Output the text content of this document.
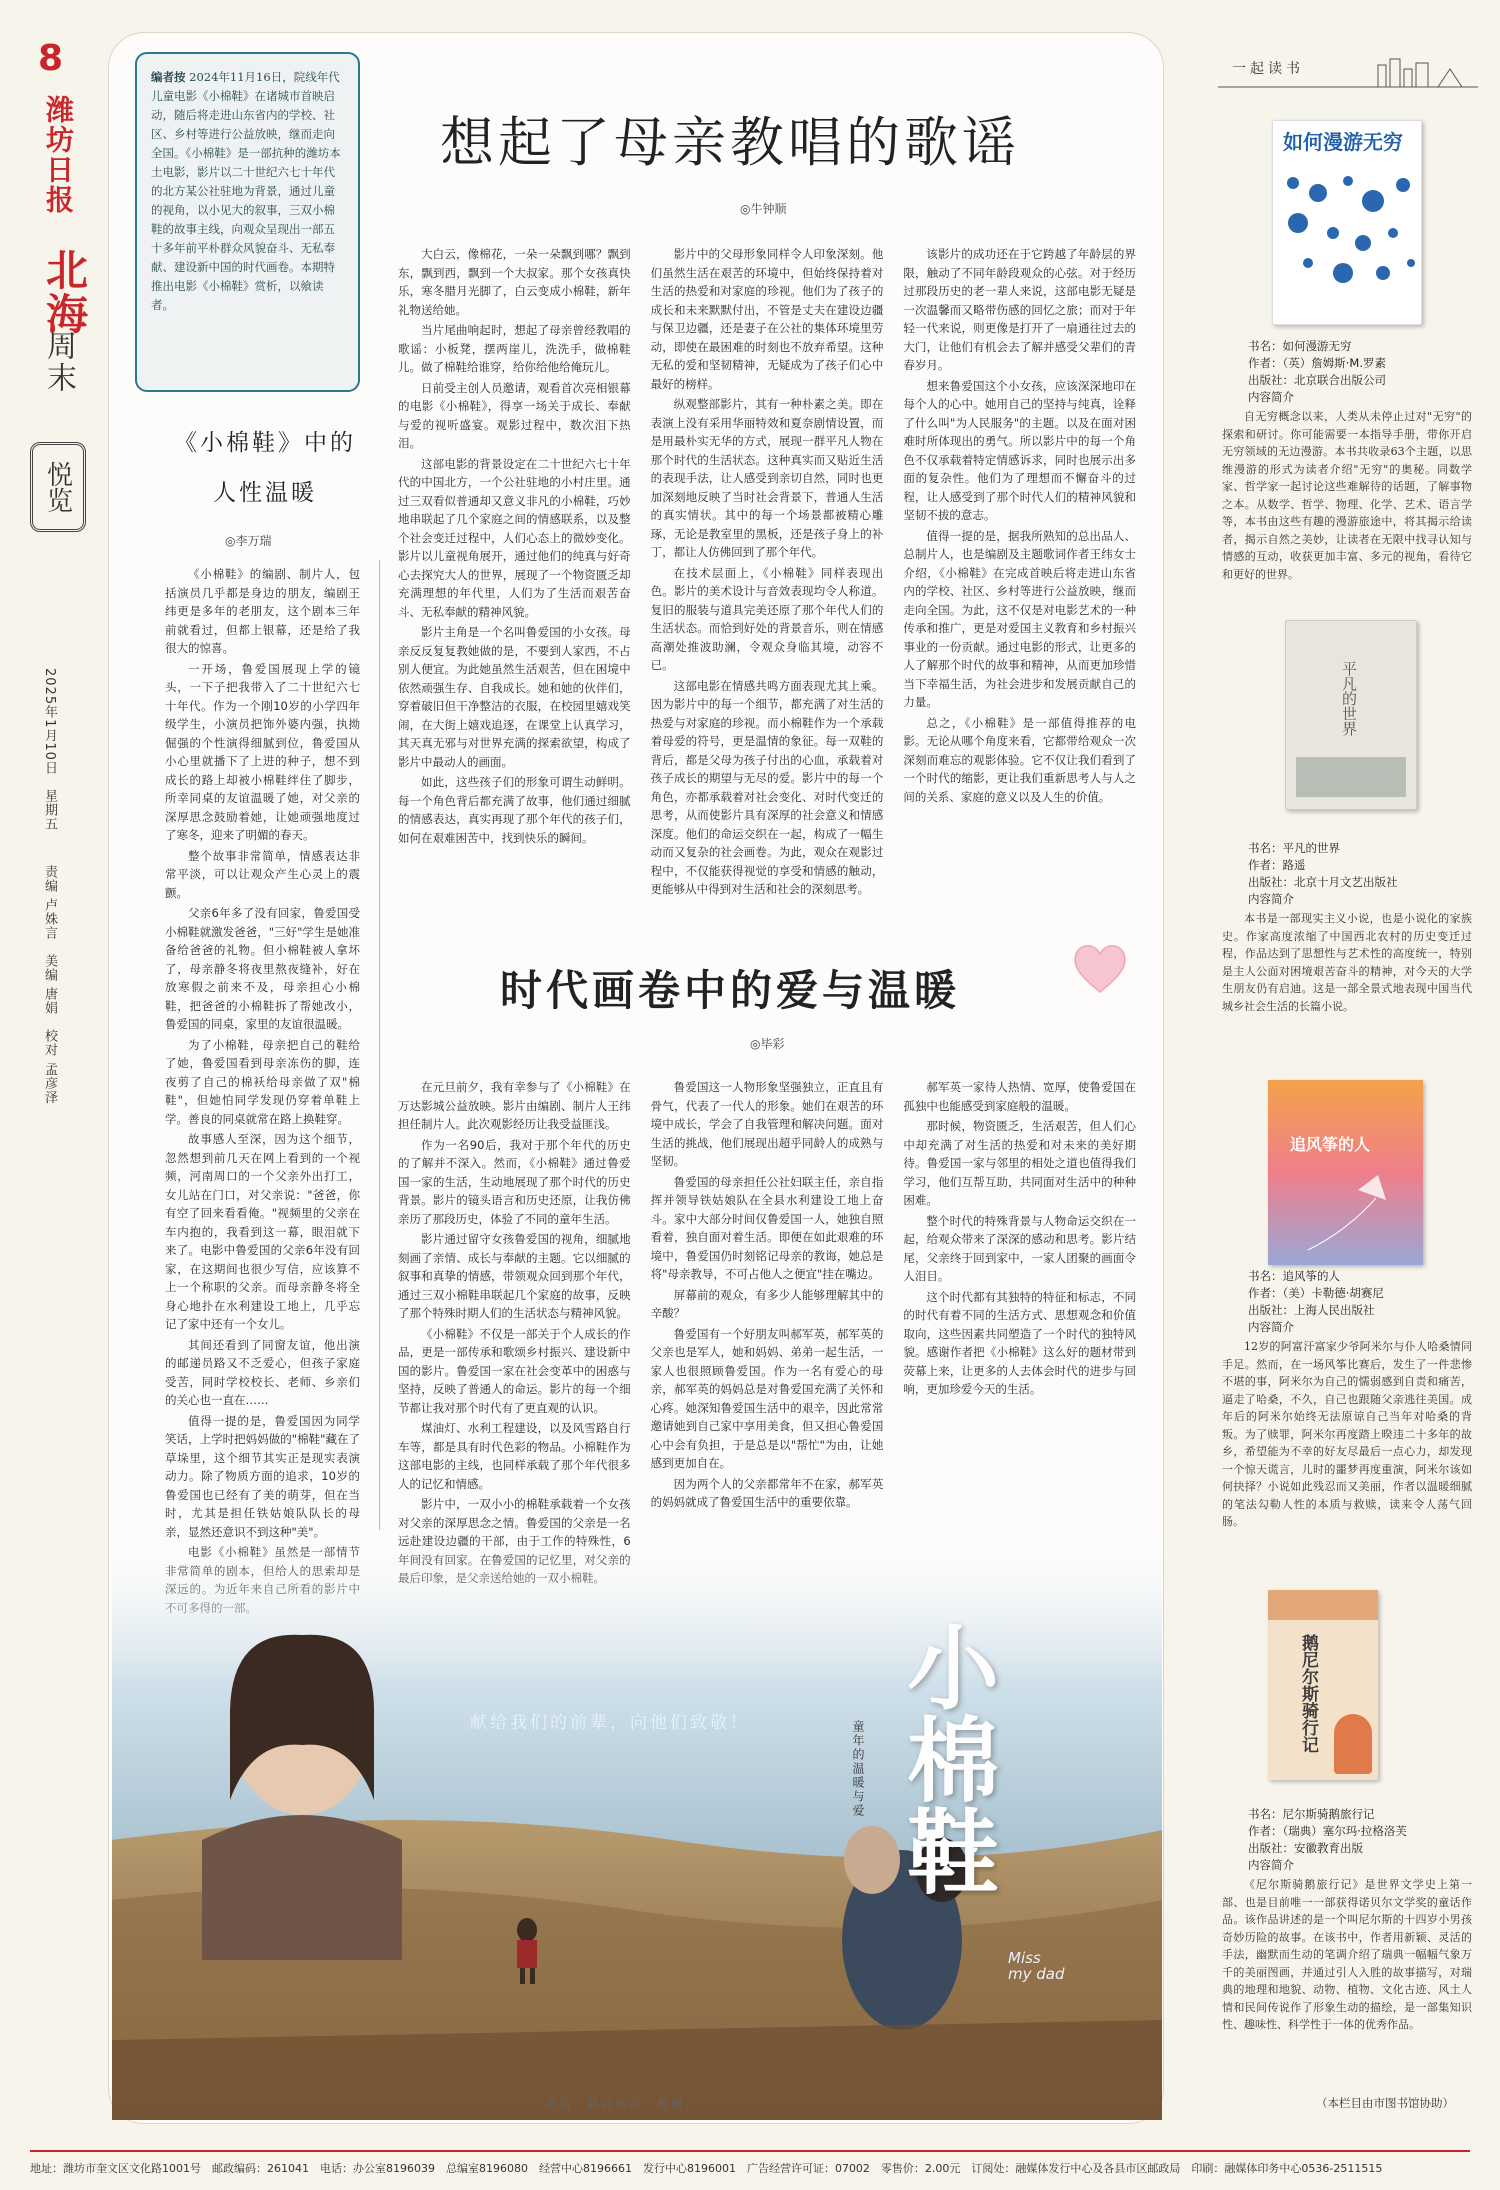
8
潍坊日报
北海
周末
悦览
2025年1月10日　星期五
责编 卢姝言　美编 唐娟　校对 孟彦泽
编者按 2024年11月16日，院线年代儿童电影《小棉鞋》在诸城市首映启动，随后将走进山东省内的学校、社区、乡村等进行公益放映，继而走向全国。《小棉鞋》是一部抗种的潍坊本土电影，影片以二十世纪六七十年代的北方某公社驻地为背景，通过儿童的视角，以小见大的叙事，三双小棉鞋的故事主线，向观众呈现出一部五十多年前平朴群众风貌奋斗、无私奉献、建设新中国的时代画卷。本期特推出电影《小棉鞋》赏析，以飨读者。
想起了母亲教唱的歌谣
◎牛钟顺
《小棉鞋》中的
人性温暖
◎李万瑞

《小棉鞋》的编剧、制片人，包括演员几乎都是身边的朋友，编剧王纬更是多年的老朋友，这个剧本三年前就看过，但都上银幕，还是给了我很大的惊喜。

一开场，鲁爱国展现上学的镜头，一下子把我带入了二十世纪六七十年代。作为一个刚10岁的小学四年级学生，小演员把饰外婆内强，执拗倔强的个性演得细腻到位，鲁爱国从小心里就播下了上进的种子，想不到成长的路上却被小棉鞋绊住了脚步，所幸同桌的友谊温暖了她，对父亲的深厚思念鼓励着她，让她顽强地度过了寒冬，迎来了明媚的春天。

整个故事非常简单，情感表达非常平淡，可以让观众产生心灵上的震颤。

父亲6年多了没有回家，鲁爱国受小棉鞋就激发爸爸，"三好"学生是她准备给爸爸的礼物。但小棉鞋被人拿坏了，母亲静冬将夜里熬夜缝补，好在放寒假之前来不及，母亲担心小棉鞋，把爸爸的小棉鞋拆了帮她改小，鲁爱国的同桌，家里的友谊很温暖。

为了小棉鞋，母亲把自己的鞋给了她，鲁爱国看到母亲冻伤的脚，连夜剪了自己的棉袄给母亲做了双"棉鞋"，但她怕同学发现仍穿着单鞋上学。善良的同桌就常在路上换鞋穿。

故事感人至深，因为这个细节，忽然想到前几天在网上看到的一个视频，河南周口的一个父亲外出打工，女儿站在门口，对父亲说："爸爸，你有空了回来看看俺。"视频里的父亲在车内抱的，我看到这一幕，眼泪就下来了。电影中鲁爱国的父亲6年没有回家，在这期间也很少写信，应该算不上一个称职的父亲。而母亲静冬将全身心地扑在水利建设工地上，几乎忘记了家中还有一个女儿。

其间还看到了同窗友谊，他出演的邮递员路又不乏爱心，但孩子家庭受苦，同时学校校长、老师、乡亲们的关心也一直在……

值得一提的是，鲁爱国因为同学笑话，上学时把妈妈做的"棉鞋"藏在了草垛里，这个细节其实正是现实表演动力。除了物质方面的追求，10岁的鲁爱国也已经有了美的萌芽，但在当时，尤其是担任铁姑娘队队长的母亲，显然还意识不到这种"美"。

大白云，像棉花，一朵一朵飘到哪？飘到东，飘到西，飘到一个大叔家。那个女孩真快乐，寒冬腊月光脚了，白云变成小棉鞋，新年礼物送给她。

当片尾曲响起时，想起了母亲曾经教唱的歌谣：小板凳，摆两崖儿，洗洗手，做棉鞋儿。做了棉鞋给谁穿，给你给他给俺玩儿。

日前受主创人员邀请，观看首次亮相银幕的电影《小棉鞋》，得享一场关于成长、奉献与爱的视听盛宴。观影过程中，数次泪下热泪。

这部电影的背景设定在二十世纪六七十年代的中国北方，一个公社驻地的小村庄里。通过三双看似普通却又意义非凡的小棉鞋，巧妙地串联起了几个家庭之间的情感联系，以及整个社会变迁过程中，人们心态上的微妙变化。影片以儿童视角展开，通过他们的纯真与好奇心去探究大人的世界，展现了一个物资匮乏却充满理想的年代里，人们为了生活而艰苦奋斗、无私奉献的精神风貌。

影片主角是一个名叫鲁爱国的小女孩。母亲反反复复教她做的是，不要到人家西，不占别人便宜。为此她虽然生活艰苦，但在困境中依然顽强生存、自我成长。她和她的伙伴们，穿着破旧但干净整洁的衣服，在校园里嬉戏笑闹，在大街上嬉戏追逐，在课堂上认真学习，其天真无邪与对世界充满的探索欲望，构成了影片中最动人的画面。

如此，这些孩子们的形象可谓生动鲜明。每一个角色背后都充满了故事，他们通过细腻的情感表达，真实再现了那个年代的孩子们，如何在艰难困苦中，找到快乐的瞬间。

影片中的父母形象同样令人印象深刻。他们虽然生活在艰苦的环境中，但始终保持着对生活的热爱和对家庭的珍视。他们为了孩子的成长和未来默默付出，不管是丈夫在建设边疆与保卫边疆，还是妻子在公社的集体环境里劳动，即使在最困难的时刻也不放弃希望。这种无私的爱和坚韧精神，无疑成为了孩子们心中最好的榜样。

纵观整部影片，其有一种朴素之美。即在表演上没有采用华丽特效和夏奈剧情设置，而是用最朴实无华的方式，展现一群平凡人物在那个时代的生活状态。这种真实而又贴近生活的表现手法，让人感受到亲切自然，同时也更加深刻地反映了当时社会背景下，普通人生活的真实情状。其中的每一个场景都被精心雕琢，无论是教室里的黑板，还是孩子身上的补丁，都让人仿佛回到了那个年代。

在技术层面上，《小棉鞋》同样表现出色。影片的美术设计与音效表现均令人称道。复旧的服装与道具完美还原了那个年代人们的生活状态。而恰到好处的背景音乐，则在情感高潮处推波助澜，令观众身临其境，动容不已。

这部电影在情感共鸣方面表现尤其上乘。因为影片中的每一个细节，都充满了对生活的热爱与对家庭的珍视。而小棉鞋作为一个承载着母爱的符号，更是温情的象征。每一双鞋的背后，都是父母为孩子付出的心血，承载着对孩子成长的期望与无尽的爱。影片中的每一个角色，亦都承载着对社会变化、对时代变迁的思考，从而使影片具有深厚的社会意义和情感深度。他们的命运交织在一起，构成了一幅生动而又复杂的社会画卷。为此，观众在观影过程中，不仅能获得视觉的享受和情感的触动，更能够从中得到对生活和社会的深刻思考。

该影片的成功还在于它跨越了年龄层的界限，触动了不同年龄段观众的心弦。对于经历过那段历史的老一辈人来说，这部电影无疑是一次温馨而又略带伤感的回忆之旅；而对于年轻一代来说，则更像是打开了一扇通往过去的大门，让他们有机会去了解并感受父辈们的青春岁月。

想来鲁爱国这个小女孩，应该深深地印在每个人的心中。她用自己的坚持与纯真，诠释了什么叫"为人民服务"的主题。以及在面对困难时所体现出的勇气。所以影片中的每一个角色不仅承载着特定情感诉求，同时也展示出多面的复杂性。他们为了理想而不懈奋斗的过程，让人感受到了那个时代人们的精神风貌和坚韧不拔的意志。

值得一提的是，据我所熟知的总出品人、总制片人，也是编剧及主题歌词作者王纬女士介绍，《小棉鞋》在完成首映后将走进山东省内的学校、社区、乡村等进行公益放映，继而走向全国。为此，这不仅是对电影艺术的一种传承和推广，更是对爱国主义教育和乡村振兴事业的一份贡献。通过电影的形式，让更多的人了解那个时代的故事和精神，从而更加珍惜当下幸福生活，为社会进步和发展贡献自己的力量。

总之，《小棉鞋》是一部值得推荐的电影。无论从哪个角度来看，它都带给观众一次深刻而难忘的观影体验。它不仅让我们看到了一个时代的缩影，更让我们重新思考人与人之间的关系、家庭的意义以及人生的价值。

时代画卷中的爱与温暖
◎毕彩

在元旦前夕，我有幸参与了《小棉鞋》在万达影城公益放映。影片由编剧、制片人王纬担任制片人。此次观影经历让我受益匪浅。

作为一名90后，我对于那个年代的历史的了解并不深入。然而，《小棉鞋》通过鲁爱国一家的生活，生动地展现了那个时代的历史背景。影片的镜头语言和历史还原，让我仿佛亲历了那段历史，体验了不同的童年生活。

影片通过留守女孩鲁爱国的视角，细腻地刻画了亲情、成长与奉献的主题。它以细腻的叙事和真挚的情感，带领观众回到那个年代，通过三双小棉鞋串联起几个家庭的故事，反映了那个特殊时期人们的生活状态与精神风貌。

《小棉鞋》不仅是一部关于个人成长的作品，更是一部传承和歌颂乡村振兴、建设新中国的影片。鲁爱国一家在社会变革中的困惑与坚持，反映了普通人的命运。影片的每一个细节都让我对那个时代有了更直观的认识。

煤油灯、水利工程建设，以及风雪路自行车等，都是具有时代色彩的物品。小棉鞋作为这部电影的主线，也同样承载了那个年代很多人的记忆和情感。

影片中，一双小小的棉鞋承载着一个女孩对父亲的深厚思念之情。鲁爱国的父亲是一名

鲁爱国这一人物形象坚强独立，正直且有骨气，代表了一代人的形象。她们在艰苦的环境中成长，学会了自我管理和解决问题。面对生活的挑战，他们展现出超乎同龄人的成熟与坚韧。

鲁爱国的母亲担任公社妇联主任，亲自指挥并领导铁姑娘队在全县水利建设工地上奋斗。家中大部分时间仅鲁爱国一人，她独自照看着，独自面对着生活。即便在如此艰难的环境中，鲁爱国仍时刻铭记母亲的教诲，她总是将"母亲教导，不可占他人之便宜"挂在嘴边。

屏幕前的观众，有多少人能够理解其中的辛酸？

鲁爱国有一个好朋友叫郝军英，郝军英的父亲也是军人，她和妈妈、弟弟一起生活，一家人也很照顾鲁爱国。作为一名有爱心的母亲，郝军英的妈妈总是对鲁爱国充满了关怀和心疼。她深知鲁爱国生活中的艰辛，因此常常邀请她到自己家中享用美食，但又担心鲁爱国心中会有负担，于是总是以"帮忙"为由，让她感到更加自在。

因为两个人的父亲都常年不在家，郝军英的妈妈就成了鲁爱国生活中的重要依靠。

郝军英一家待人热情、宽厚，使鲁爱国在孤独中也能感受到家庭般的温暖。

那时候，物资匮乏，生活艰苦，但人们心中却充满了对生活的热爱和对未来的美好期待。鲁爱国一家与邻里的相处之道也值得我们学习，他们互帮互助，共同面对生活中的种种困难。

整个时代的特殊背景与人物命运交织在一起，给观众带来了深深的感动和思考。影片结尾，父亲终于回到家中，一家人团聚的画面令人泪目。

这个时代都有其独特的特征和标志，不同的时代有着不同的生活方式、思想观念和价值取向，这些因素共同塑造了一个时代的独特风貌。感谢作者把《小棉鞋》这么好的题材带到荧幕上来，让更多的人去体会时代的进步与回响，更加珍爱今天的生活。

献给我们的前辈，向他们致敬！	童年的温暖与爱 小棉鞋
Miss my dad
出品　联合出品　摄制
一起读书
如何漫游无穷
书名：如何漫游无穷
作者：（英）詹姆斯·M.罗素
出版社：北京联合出版公司
内容简介
自无穷概念以来，人类从未停止过对"无穷"的探索和研讨。你可能需要一本指导手册，带你开启无穷领域的无边漫游。本书共收录63个主题，以思维漫游的形式为读者介绍"无穷"的奥秘。同数学家、哲学家一起讨论这些难解待的话题，了解事物之本。从数学、哲学、物理、化学、艺术、语言学等，本书由这些有趣的漫游旅途中，将其揭示给读者，揭示自然之美妙，让读者在无限中找寻认知与情感的互动，收获更加丰富、多元的视角，看待它和更好的世界。
平凡的世界
书名：平凡的世界
作者：路遥
出版社：北京十月文艺出版社
内容简介
本书是一部现实主义小说，也是小说化的家族史。作家高度浓缩了中国西北农村的历史变迁过程，作品达到了思想性与艺术性的高度统一，特别是主人公面对困境艰苦奋斗的精神，对今天的大学生朋友仍有启迪。这是一部全景式地表现中国当代城乡社会生活的长篇小说。
追风筝的人
书名：追风筝的人
作者：（美）卡勒德·胡赛尼
出版社：上海人民出版社
内容简介
12岁的阿富汗富家少爷阿米尔与仆人哈桑情同手足。然而，在一场风筝比赛后，发生了一件悲惨不堪的事，阿米尔为自己的懦弱感到自责和痛苦，逼走了哈桑，不久，自己也跟随父亲逃往美国。成年后的阿米尔始终无法原谅自己当年对哈桑的背叛。为了赎罪，阿米尔再度踏上暌违二十多年的故乡，希望能为不幸的好友尽最后一点心力，却发现一个惊天谎言，儿时的噩梦再度重演，阿米尔该如何抉择？小说如此残忍而又美丽，作者以温暖细腻的笔法勾勒人性的本质与救赎，读来令人荡气回肠。
鹅尼尔斯骑行记
书名：尼尔斯骑鹅旅行记
作者：（瑞典）塞尔玛·拉格洛芙
出版社：安徽教育出版
内容简介
《尼尔斯骑鹅旅行记》是世界文学史上第一部、也是目前唯一一部获得诺贝尔文学奖的童话作品。该作品讲述的是一个叫尼尔斯的十四岁小男孩奇妙历险的故事。在该书中，作者用新颖、灵活的手法，幽默而生动的笔调介绍了瑞典一幅幅气象万千的美丽图画，并通过引人入胜的故事描写，对瑞典的地理和地貌、动物、植物、文化古迹、风土人情和民间传说作了形象生动的描绘，是一部集知识性、趣味性、科学性于一体的优秀作品。
（本栏目由市图书馆协助）
地址：潍坊市奎文区文化路1001号　邮政编码：261041　电话：办公室8196039　总编室8196080　经营中心8196661　发行中心8196001　广告经营许可证：07002　零售价：2.00元　订阅处：融媒体发行中心及各县市区邮政局　印刷：融媒体印务中心0536-2511515
